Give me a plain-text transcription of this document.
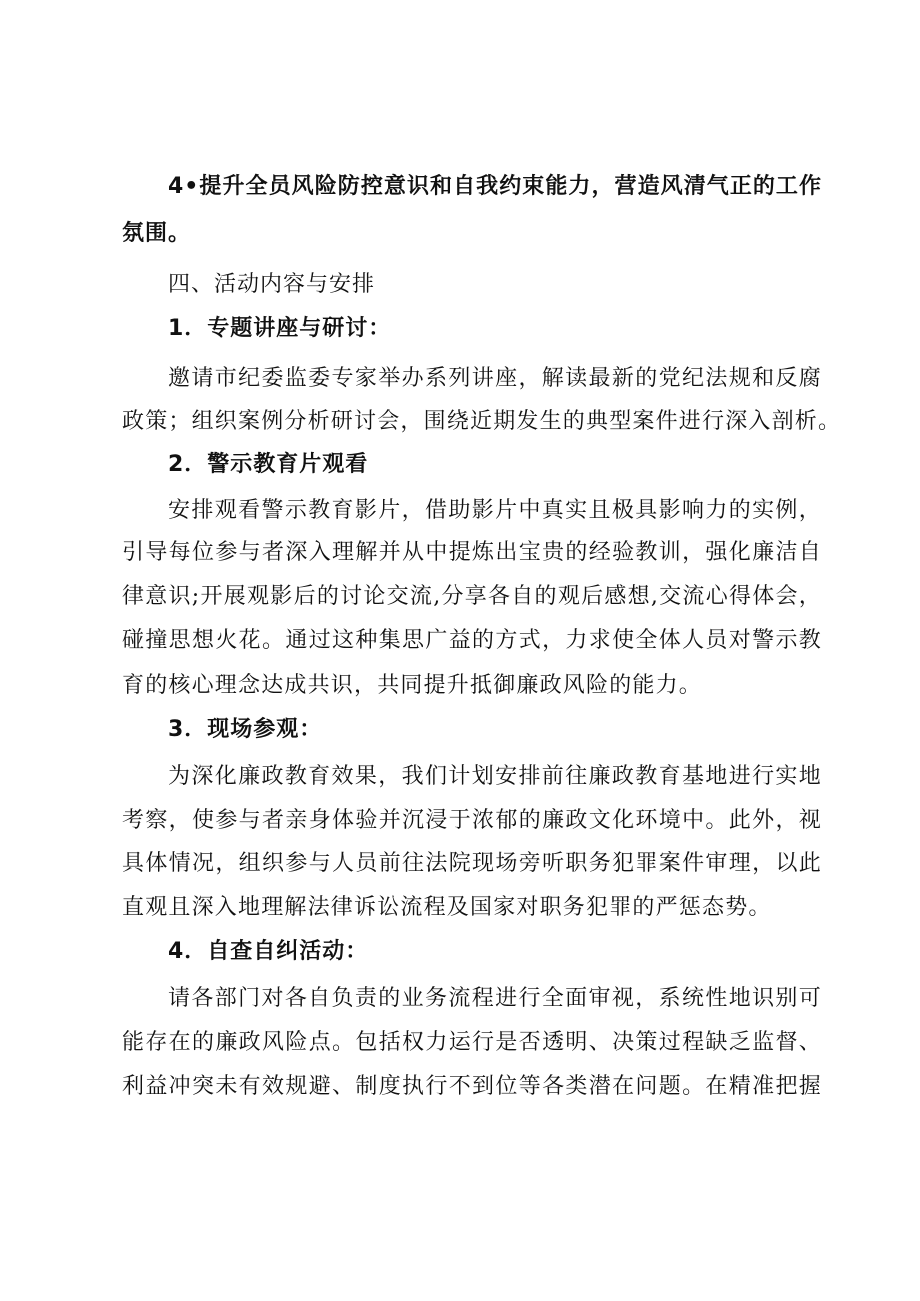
4•提升全员风险防控意识和自我约束能力，营造风清气正的工作
氛围。
四、活动内容与安排
1．专题讲座与研讨：
邀请市纪委监委专家举办系列讲座，解读最新的党纪法规和反腐
政策；组织案例分析研讨会，围绕近期发生的典型案件进行深入剖析。
2．警示教育片观看
安排观看警示教育影片，借助影片中真实且极具影响力的实例，
引导每位参与者深入理解并从中提炼出宝贵的经验教训，强化廉洁自
律意识;开展观影后的讨论交流,分享各自的观后感想,交流心得体会，
碰撞思想火花。通过这种集思广益的方式，力求使全体人员对警示教
育的核心理念达成共识，共同提升抵御廉政风险的能力。
3．现场参观：
为深化廉政教育效果，我们计划安排前往廉政教育基地进行实地
考察，使参与者亲身体验并沉浸于浓郁的廉政文化环境中。此外，视
具体情况，组织参与人员前往法院现场旁听职务犯罪案件审理，以此
直观且深入地理解法律诉讼流程及国家对职务犯罪的严惩态势。
4．自查自纠活动：
请各部门对各自负责的业务流程进行全面审视，系统性地识别可
能存在的廉政风险点。包括权力运行是否透明、决策过程缺乏监督、
利益冲突未有效规避、制度执行不到位等各类潜在问题。在精准把握
